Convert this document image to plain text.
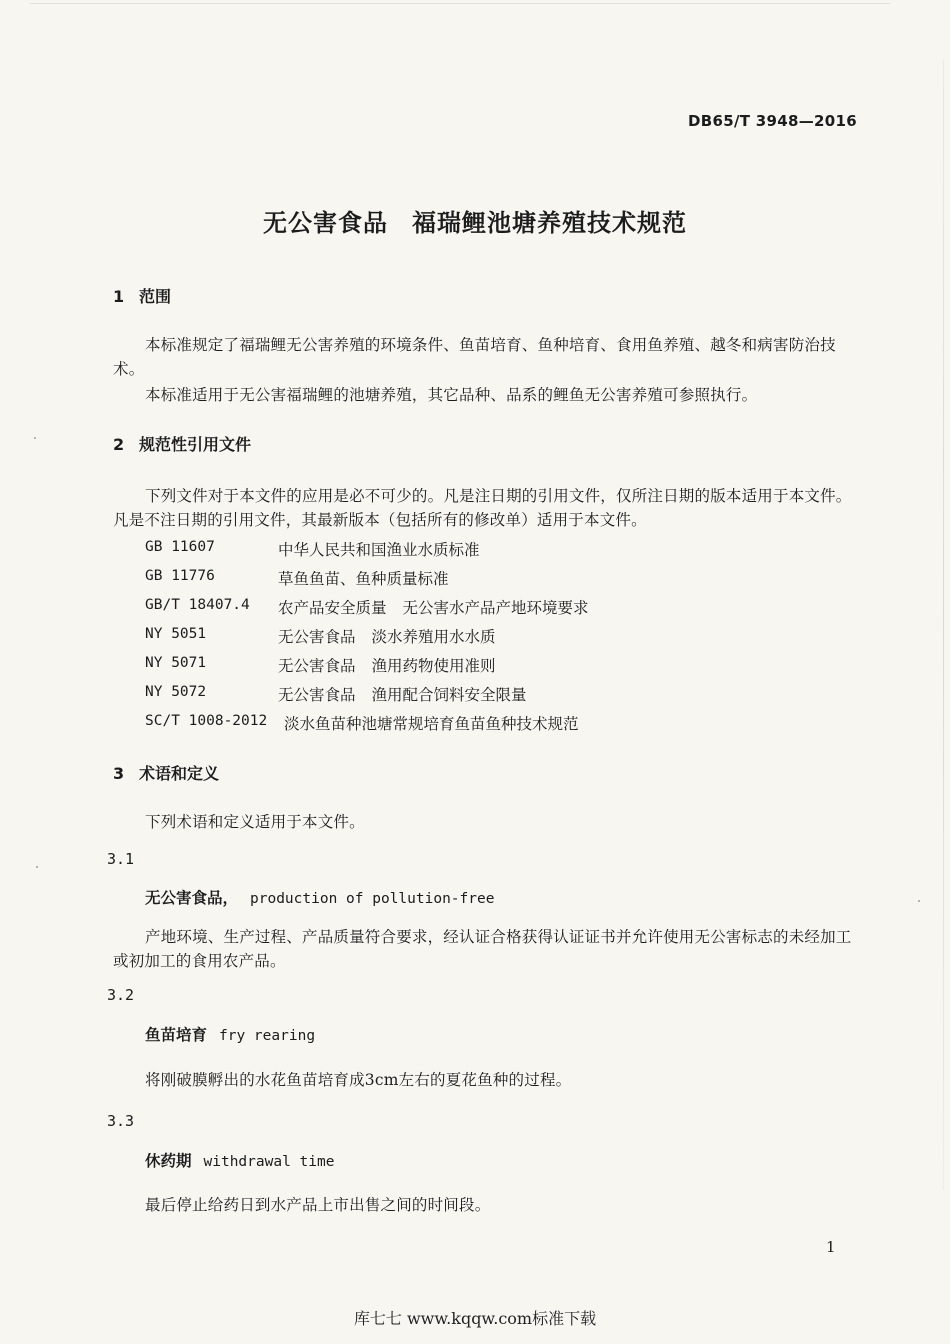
DB65/T 3948—2016
无公害食品 福瑞鲤池塘养殖技术规范
1 范围
本标准规定了福瑞鲤无公害养殖的环境条件、鱼苗培育、鱼种培育、食用鱼养殖、越冬和病害防治技术。
本标准适用于无公害福瑞鲤的池塘养殖，其它品种、品系的鲤鱼无公害养殖可参照执行。
2 规范性引用文件
下列文件对于本文件的应用是必不可少的。凡是注日期的引用文件，仅所注日期的版本适用于本文件。凡是不注日期的引用文件，其最新版本（包括所有的修改单）适用于本文件。
GB 11607	中华人民共和国渔业水质标准
GB 11776	草鱼鱼苗、鱼种质量标准
GB/T 18407.4 农产品安全质量 无公害水产品产地环境要求
NY 5051	无公害食品 淡水养殖用水水质
NY 5071	无公害食品 渔用药物使用准则
NY 5072	无公害食品 渔用配合饲料安全限量
SC/T 1008-2012 淡水鱼苗种池塘常规培育鱼苗鱼种技术规范
3 术语和定义
下列术语和定义适用于本文件。
3.1
无公害食品， production of pollution-free
产地环境、生产过程、产品质量符合要求，经认证合格获得认证证书并允许使用无公害标志的未经加工或初加工的食用农产品。
3.2
鱼苗培育 fry rearing
将刚破膜孵出的水花鱼苗培育成3cm左右的夏花鱼种的过程。
3.3
休药期 withdrawal time
最后停止给药日到水产品上市出售之间的时间段。
1
库七七 www.kqqw.com标准下载
